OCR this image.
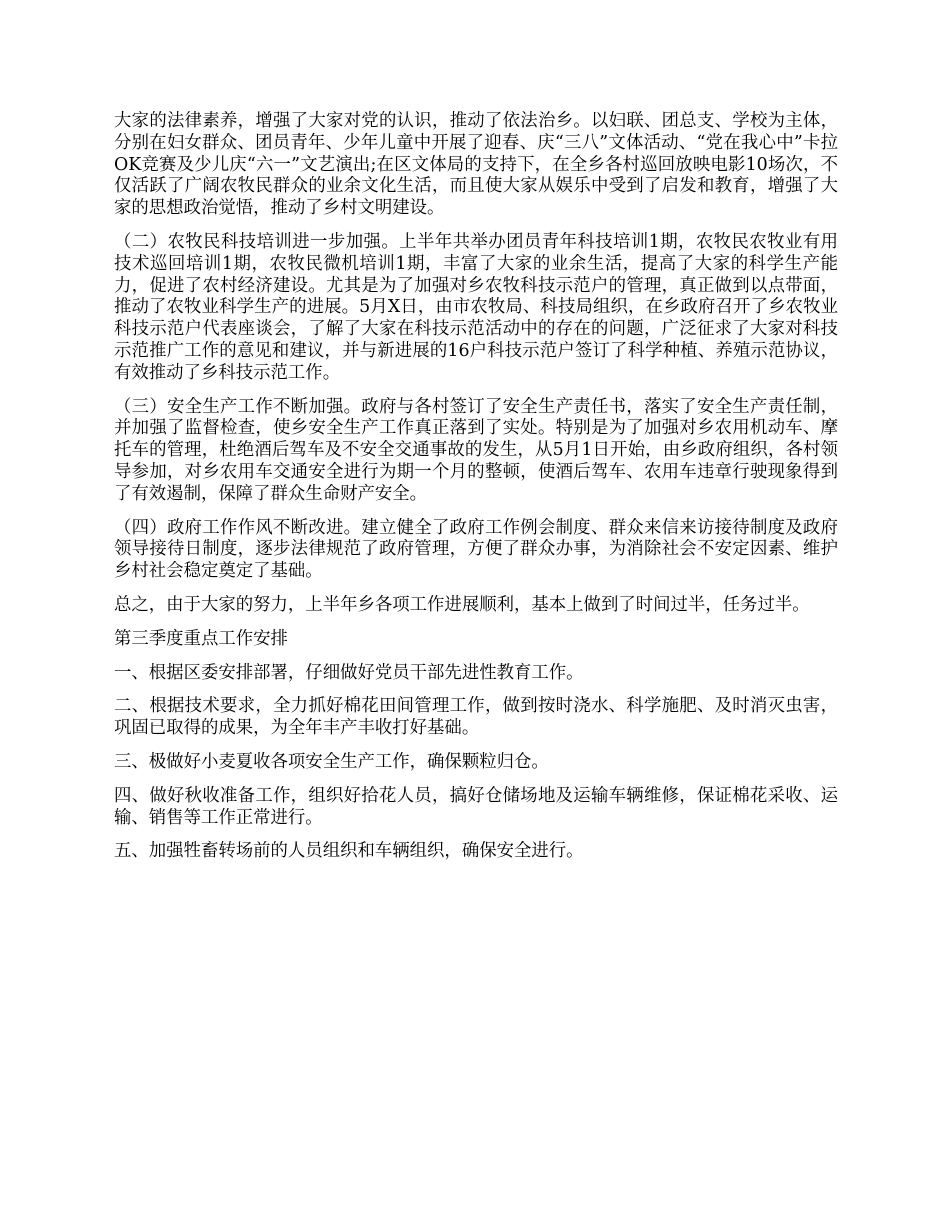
大家的法律素养，增强了大家对党的认识，推动了依法治乡。以妇联、团总支、学校为主体，分别在妇女群众、团员青年、少年儿童中开展了迎春、庆“三八”文体活动、“党在我心中”卡拉OK竞赛及少儿庆“六一”文艺演出;在区文体局的支持下，在全乡各村巡回放映电影10场次，不仅活跃了广阔农牧民群众的业余文化生活，而且使大家从娱乐中受到了启发和教育，增强了大家的思想政治觉悟，推动了乡村文明建设。

（二）农牧民科技培训进一步加强。上半年共举办团员青年科技培训1期，农牧民农牧业有用技术巡回培训1期，农牧民微机培训1期，丰富了大家的业余生活，提高了大家的科学生产能力，促进了农村经济建设。尤其是为了加强对乡农牧科技示范户的管理，真正做到以点带面，推动了农牧业科学生产的进展。5月X日，由市农牧局、科技局组织，在乡政府召开了乡农牧业科技示范户代表座谈会，了解了大家在科技示范活动中的存在的问题，广泛征求了大家对科技示范推广工作的意见和建议，并与新进展的16户科技示范户签订了科学种植、养殖示范协议，有效推动了乡科技示范工作。

（三）安全生产工作不断加强。政府与各村签订了安全生产责任书，落实了安全生产责任制，并加强了监督检查，使乡安全生产工作真正落到了实处。特别是为了加强对乡农用机动车、摩托车的管理，杜绝酒后驾车及不安全交通事故的发生，从5月1日开始，由乡政府组织，各村领导参加，对乡农用车交通安全进行为期一个月的整顿，使酒后驾车、农用车违章行驶现象得到了有效遏制，保障了群众生命财产安全。

（四）政府工作作风不断改进。建立健全了政府工作例会制度、群众来信来访接待制度及政府领导接待日制度，逐步法律规范了政府管理，方便了群众办事，为消除社会不安定因素、维护乡村社会稳定奠定了基础。

总之，由于大家的努力，上半年乡各项工作进展顺利，基本上做到了时间过半，任务过半。

第三季度重点工作安排

一、根据区委安排部署，仔细做好党员干部先进性教育工作。

二、根据技术要求，全力抓好棉花田间管理工作，做到按时浇水、科学施肥、及时消灭虫害，巩固已取得的成果，为全年丰产丰收打好基础。

三、极做好小麦夏收各项安全生产工作，确保颗粒归仓。

四、做好秋收准备工作，组织好拾花人员，搞好仓储场地及运输车辆维修，保证棉花采收、运输、销售等工作正常进行。

五、加强牲畜转场前的人员组织和车辆组织，确保安全进行。
